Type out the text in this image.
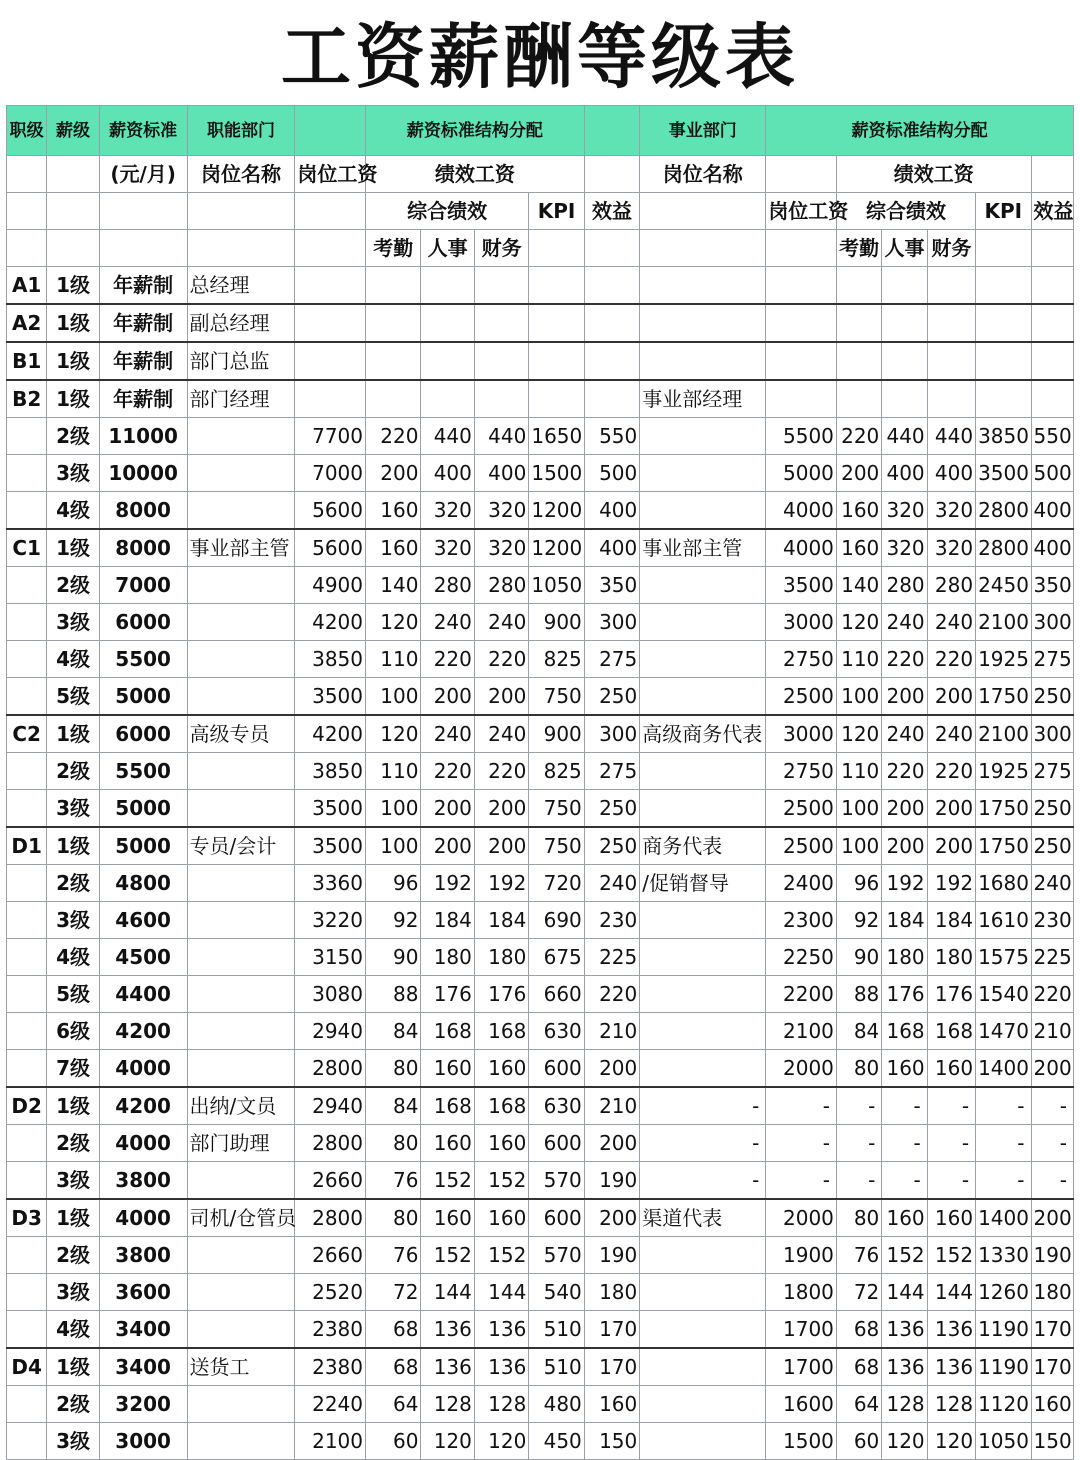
工资薪酬等级表
职级	薪级	薪资标准	职能部门		薪资标准结构分配					事业部门	薪资标准结构分配					
		(元/月)	岗位名称	岗位工资	绩效工资					岗位名称		绩效工资				
					综合绩效			KPI	效益		岗位工资	综合绩效			KPI	效益
					考勤	人事	财务					考勤	人事	财务		
A1	1级	年薪制	总经理													
A2	1级	年薪制	副总经理													
B1	1级	年薪制	部门总监													
B2	1级	年薪制	部门经理							事业部经理						
	2级	11000		7700	220	440	440	1650	550		5500	220	440	440	3850	550
	3级	10000		7000	200	400	400	1500	500		5000	200	400	400	3500	500
	4级	8000		5600	160	320	320	1200	400		4000	160	320	320	2800	400
C1	1级	8000	事业部主管	5600	160	320	320	1200	400	事业部主管	4000	160	320	320	2800	400
	2级	7000		4900	140	280	280	1050	350		3500	140	280	280	2450	350
	3级	6000		4200	120	240	240	900	300		3000	120	240	240	2100	300
	4级	5500		3850	110	220	220	825	275		2750	110	220	220	1925	275
	5级	5000		3500	100	200	200	750	250		2500	100	200	200	1750	250
C2	1级	6000	高级专员	4200	120	240	240	900	300	高级商务代表	3000	120	240	240	2100	300
	2级	5500		3850	110	220	220	825	275		2750	110	220	220	1925	275
	3级	5000		3500	100	200	200	750	250		2500	100	200	200	1750	250
D1	1级	5000	专员/会计	3500	100	200	200	750	250	商务代表	2500	100	200	200	1750	250
	2级	4800		3360	96	192	192	720	240	/促销督导	2400	96	192	192	1680	240
	3级	4600		3220	92	184	184	690	230		2300	92	184	184	1610	230
	4级	4500		3150	90	180	180	675	225		2250	90	180	180	1575	225
	5级	4400		3080	88	176	176	660	220		2200	88	176	176	1540	220
	6级	4200		2940	84	168	168	630	210		2100	84	168	168	1470	210
	7级	4000		2800	80	160	160	600	200		2000	80	160	160	1400	200
D2	1级	4200	出纳/文员	2940	84	168	168	630	210	-	-	-	-	-	-	-
	2级	4000	部门助理	2800	80	160	160	600	200	-	-	-	-	-	-	-
	3级	3800		2660	76	152	152	570	190	-	-	-	-	-	-	-
D3	1级	4000	司机/仓管员	2800	80	160	160	600	200	渠道代表	2000	80	160	160	1400	200
	2级	3800		2660	76	152	152	570	190		1900	76	152	152	1330	190
	3级	3600		2520	72	144	144	540	180		1800	72	144	144	1260	180
	4级	3400		2380	68	136	136	510	170		1700	68	136	136	1190	170
D4	1级	3400	送货工	2380	68	136	136	510	170		1700	68	136	136	1190	170
	2级	3200		2240	64	128	128	480	160		1600	64	128	128	1120	160
	3级	3000		2100	60	120	120	450	150		1500	60	120	120	1050	150
